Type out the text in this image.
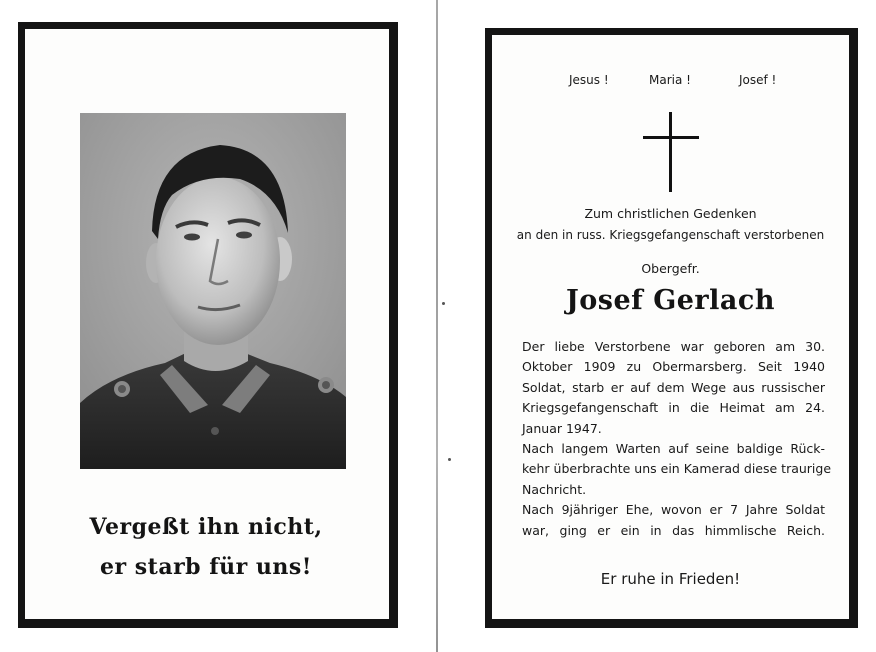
Vergeßt ihn nicht,
er starb für uns!
Jesus !	Maria !	Josef !
Zum christlichen Gedenken
an den in russ. Kriegsgefangenschaft verstorbenen
Obergefr.
Josef Gerlach
Der liebe Verstorbene war geboren am 30.
Oktober 1909 zu Obermarsberg. Seit 1940
Soldat, starb er auf dem Wege aus russischer
Kriegsgefangenschaft in die Heimat am 24.
Januar 1947.
Nach langem Warten auf seine baldige Rück-
kehr überbrachte uns ein Kamerad diese traurige
Nachricht.
Nach 9jähriger Ehe, wovon er 7 Jahre Soldat
war, ging er ein in das himmlische Reich.
Er ruhe in Frieden!
